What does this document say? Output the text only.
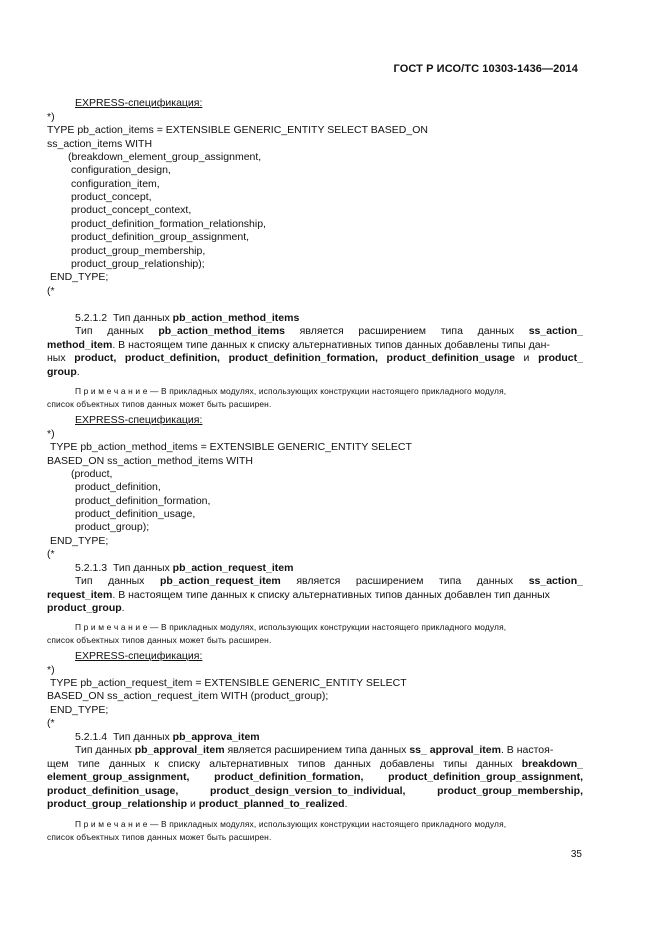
ГОСТ Р ИСО/ТС 10303-1436—2014
EXPRESS-спецификация:
*)
TYPE pb_action_items = EXTENSIBLE GENERIC_ENTITY SELECT BASED_ON
ss_action_items WITH
(breakdown_element_group_assignment,
configuration_design,
configuration_item,
product_concept,
product_concept_context,
product_definition_formation_relationship,
product_definition_group_assignment,
product_group_membership,
product_group_relationship);
END_TYPE;
(*
5.2.1.2 Тип данных pb_action_method_items
Тип данных pb_action_method_items является расширением типа данных ss_action_
method_item. В настоящем типе данных к списку альтернативных типов данных добавлены типы дан-
ных product, product_definition, product_definition_formation, product_definition_usage и product_
group.
П р и м е ч а н и е — В прикладных модулях, использующих конструкции настоящего прикладного модуля,
список объектных типов данных может быть расширен.
EXPRESS-спецификация:
*)
TYPE pb_action_method_items = EXTENSIBLE GENERIC_ENTITY SELECT
BASED_ON ss_action_method_items WITH
(product,
product_definition,
product_definition_formation,
product_definition_usage,
product_group);
END_TYPE;
(*
5.2.1.3 Тип данных pb_action_request_item
Тип данных pb_action_request_item является расширением типа данных ss_action_
request_item. В настоящем типе данных к списку альтернативных типов данных добавлен тип данных
product_group.
П р и м е ч а н и е — В прикладных модулях, использующих конструкции настоящего прикладного модуля,
список объектных типов данных может быть расширен.
EXPRESS-спецификация:
*)
TYPE pb_action_request_item = EXTENSIBLE GENERIC_ENTITY SELECT
BASED_ON ss_action_request_item WITH (product_group);
END_TYPE;
(*
5.2.1.4 Тип данных pb_approva_item
Тип данных pb_approval_item является расширением типа данных ss_ approval_item. В настоя-
щем типе данных к списку альтернативных типов данных добавлены типы данных breakdown_
element_group_assignment,   product_definition_formation,   product_definition_group_assignment,
product_definition_usage,    product_design_version_to_individual,    product_group_membership,
product_group_relationship и product_planned_to_realized.
П р и м е ч а н и е — В прикладных модулях, использующих конструкции настоящего прикладного модуля,
список объектных типов данных может быть расширен.
35
